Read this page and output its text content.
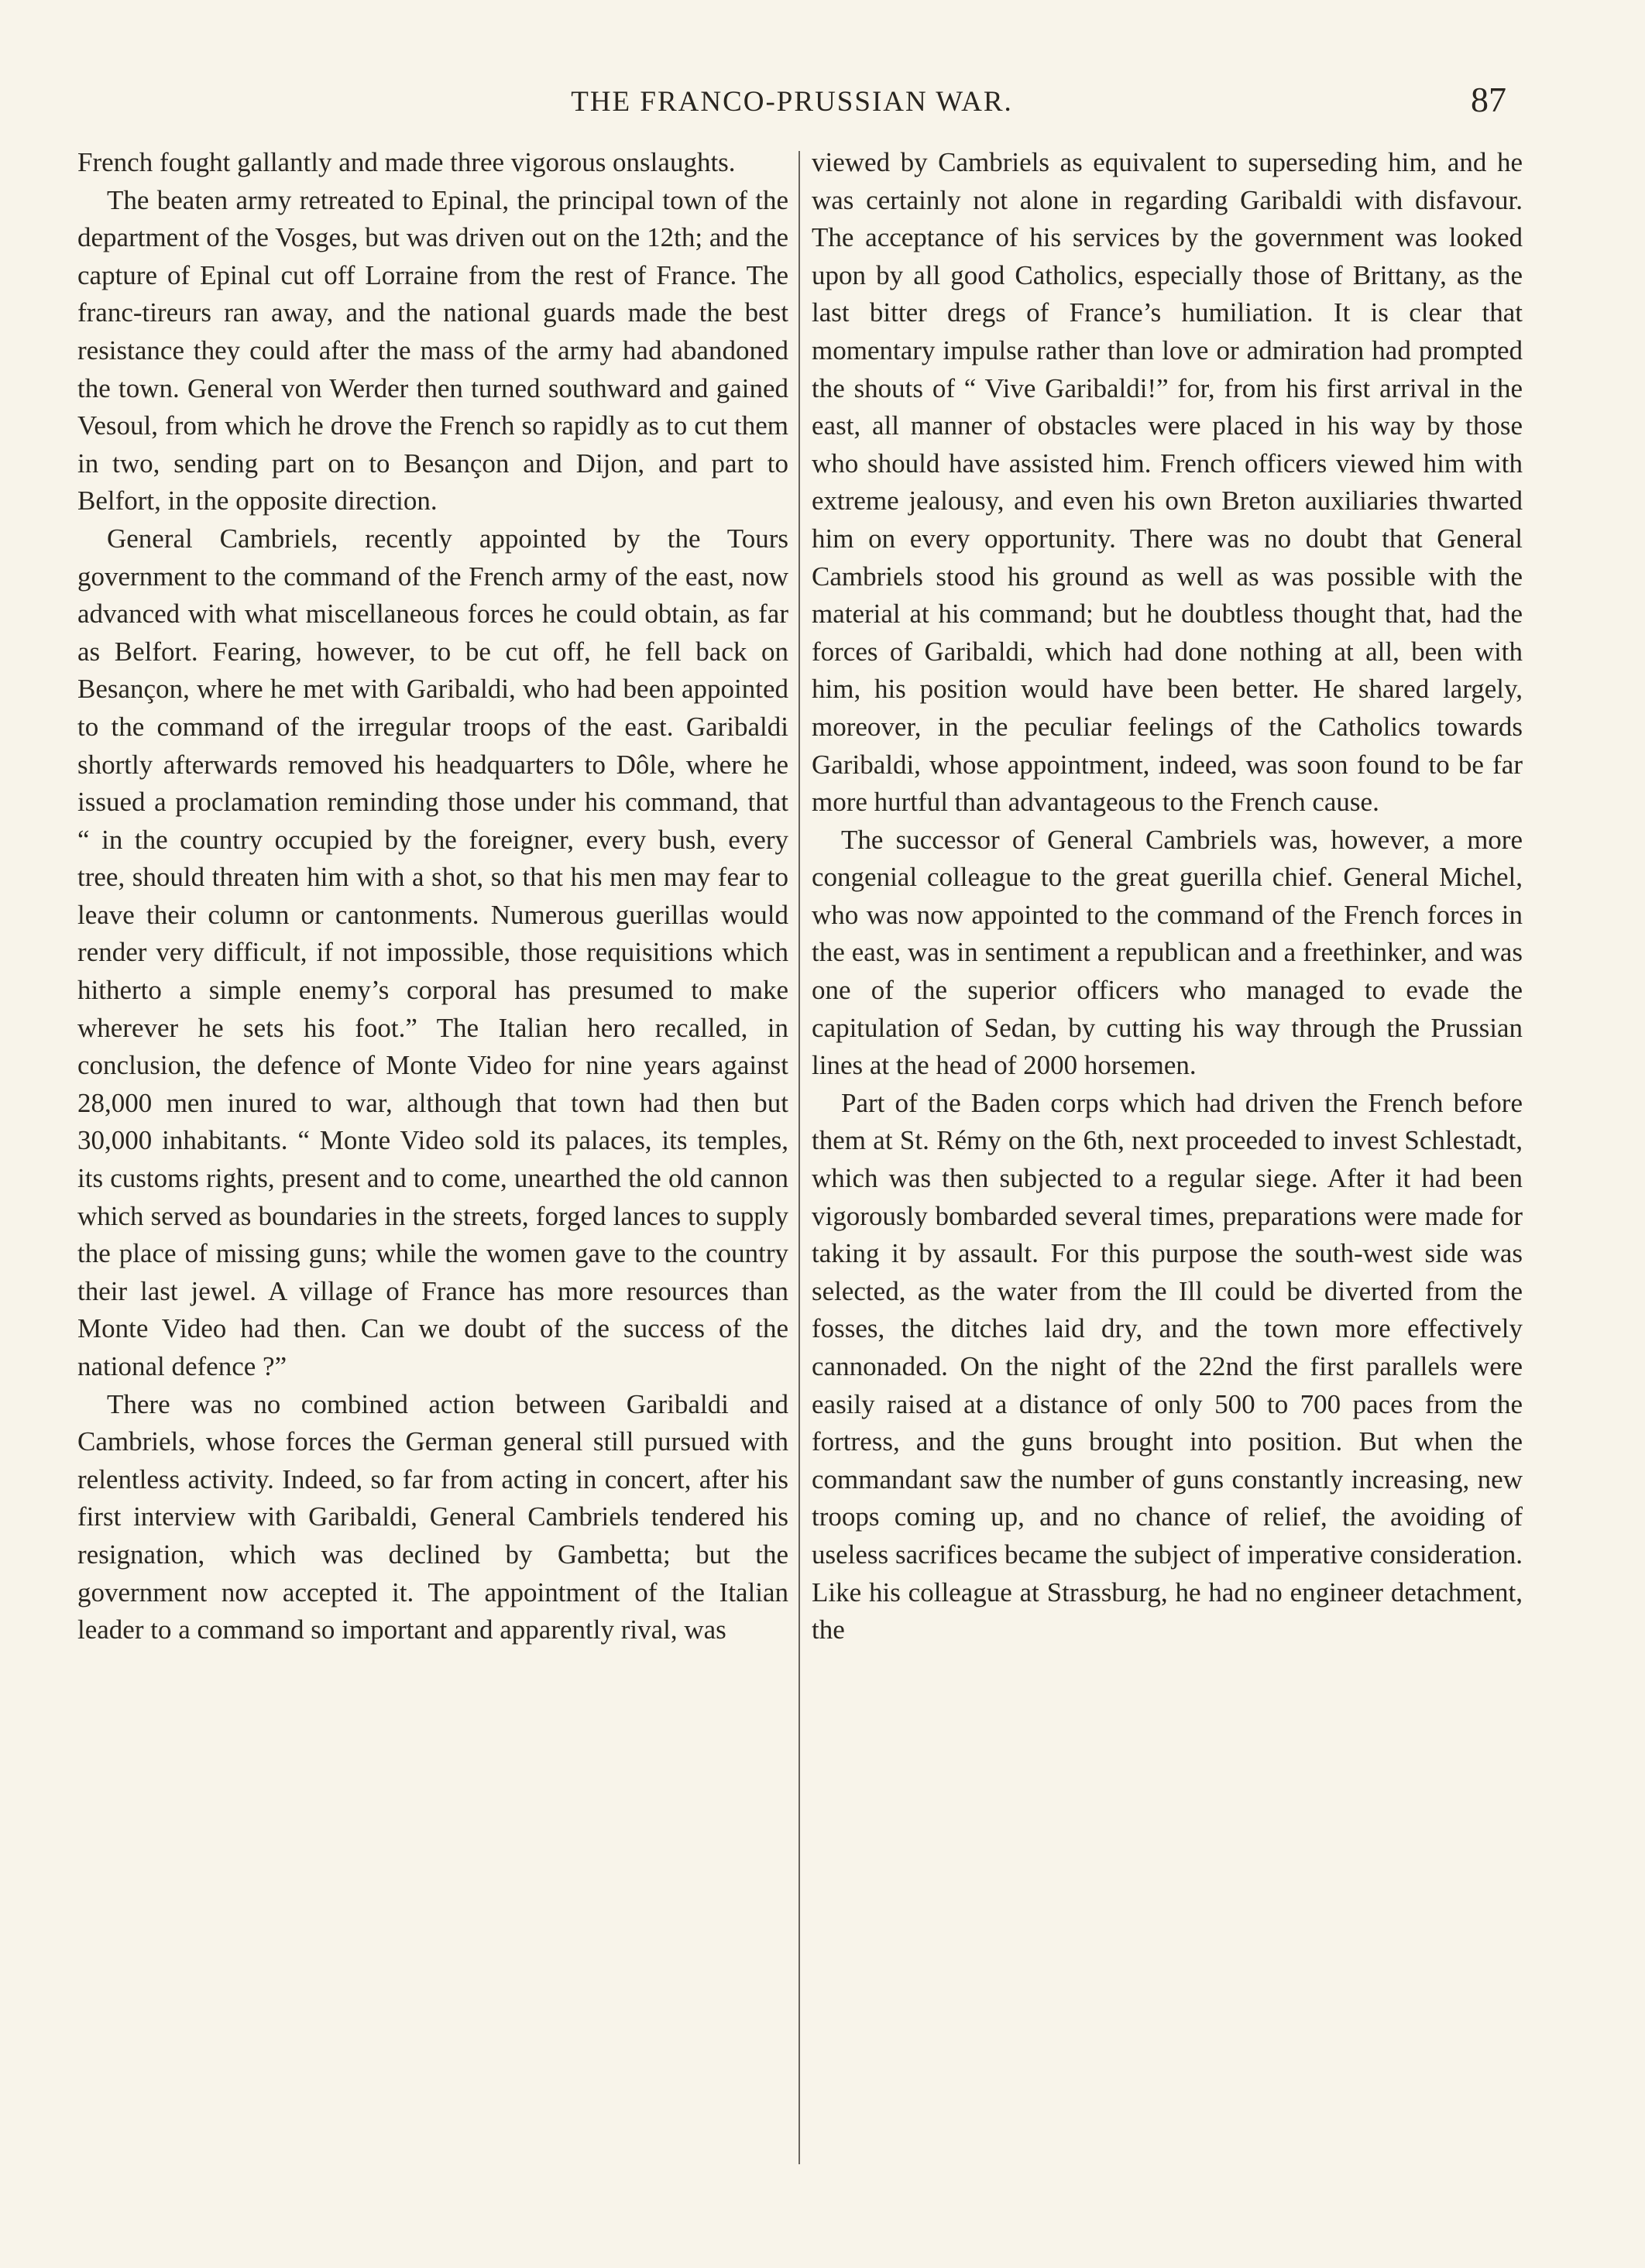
THE FRANCO-PRUSSIAN WAR.	87

French fought gallantly and made three vigorous onslaughts.

The beaten army retreated to Epinal, the principal town of the department of the Vosges, but was driven out on the 12th; and the capture of Epinal cut off Lorraine from the rest of France. The franc-tireurs ran away, and the national guards made the best resistance they could after the mass of the army had abandoned the town. General von Werder then turned southward and gained Vesoul, from which he drove the French so rapidly as to cut them in two, sending part on to Besançon and Dijon, and part to Belfort, in the opposite direction.

General Cambriels, recently appointed by the Tours government to the command of the French army of the east, now advanced with what miscellaneous forces he could obtain, as far as Belfort. Fearing, however, to be cut off, he fell back on Besançon, where he met with Garibaldi, who had been appointed to the command of the irregular troops of the east. Garibaldi shortly afterwards removed his headquarters to Dôle, where he issued a proclamation reminding those under his command, that “ in the country occupied by the foreigner, every bush, every tree, should threaten him with a shot, so that his men may fear to leave their column or cantonments. Numerous guerillas would render very difficult, if not impossible, those requisitions which hitherto a simple enemy’s corporal has presumed to make wherever he sets his foot.” The Italian hero recalled, in conclusion, the defence of Monte Video for nine years against 28,000 men inured to war, although that town had then but 30,000 inhabitants. “ Monte Video sold its palaces, its temples, its customs rights, present and to come, unearthed the old cannon which served as boundaries in the streets, forged lances to supply the place of missing guns; while the women gave to the country their last jewel. A village of France has more resources than Monte Video had then. Can we doubt of the success of the national defence ?”

There was no combined action between Garibaldi and Cambriels, whose forces the German general still pursued with relentless activity. Indeed, so far from acting in concert, after his first interview with Garibaldi, General Cambriels tendered his resignation, which was declined by Gambetta; but the government now accepted it. The appointment of the Italian leader to a command so important and apparently rival, was

viewed by Cambriels as equivalent to superseding him, and he was certainly not alone in regarding Garibaldi with disfavour. The acceptance of his services by the government was looked upon by all good Catholics, especially those of Brittany, as the last bitter dregs of France’s humiliation. It is clear that momentary impulse rather than love or admiration had prompted the shouts of “ Vive Garibaldi!” for, from his first arrival in the east, all manner of obstacles were placed in his way by those who should have assisted him. French officers viewed him with extreme jealousy, and even his own Breton auxiliaries thwarted him on every opportunity. There was no doubt that General Cambriels stood his ground as well as was possible with the material at his command; but he doubtless thought that, had the forces of Garibaldi, which had done nothing at all, been with him, his position would have been better. He shared largely, moreover, in the peculiar feelings of the Catholics towards Garibaldi, whose appointment, indeed, was soon found to be far more hurtful than advantageous to the French cause.

The successor of General Cambriels was, however, a more congenial colleague to the great guerilla chief. General Michel, who was now appointed to the command of the French forces in the east, was in sentiment a republican and a freethinker, and was one of the superior officers who managed to evade the capitulation of Sedan, by cutting his way through the Prussian lines at the head of 2000 horsemen.

Part of the Baden corps which had driven the French before them at St. Rémy on the 6th, next proceeded to invest Schlestadt, which was then subjected to a regular siege. After it had been vigorously bombarded several times, preparations were made for taking it by assault. For this purpose the south-west side was selected, as the water from the Ill could be diverted from the fosses, the ditches laid dry, and the town more effectively cannonaded. On the night of the 22nd the first parallels were easily raised at a distance of only 500 to 700 paces from the fortress, and the guns brought into position. But when the commandant saw the number of guns constantly increasing, new troops coming up, and no chance of relief, the avoiding of useless sacrifices became the subject of imperative consideration. Like his colleague at Strassburg, he had no engineer detachment, the
